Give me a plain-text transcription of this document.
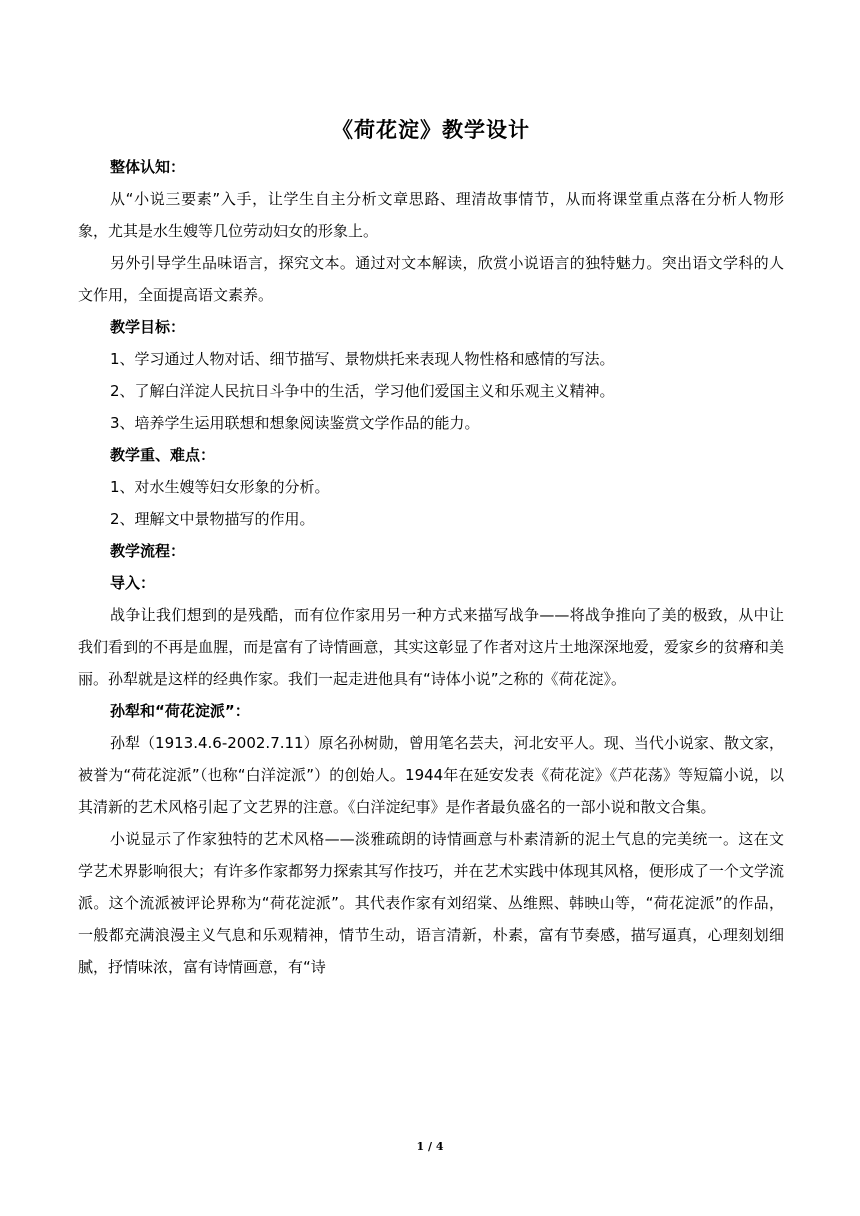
《荷花淀》教学设计

整体认知：

从“小说三要素”入手，让学生自主分析文章思路、理清故事情节，从而将课堂重点落在分析人物形象，尤其是水生嫂等几位劳动妇女的形象上。

另外引导学生品味语言，探究文本。通过对文本解读，欣赏小说语言的独特魅力。突出语文学科的人文作用，全面提高语文素养。

教学目标：

1、学习通过人物对话、细节描写、景物烘托来表现人物性格和感情的写法。

2、了解白洋淀人民抗日斗争中的生活，学习他们爱国主义和乐观主义精神。

3、培养学生运用联想和想象阅读鉴赏文学作品的能力。

教学重、难点：

1、对水生嫂等妇女形象的分析。

2、理解文中景物描写的作用。

教学流程：

导入：

战争让我们想到的是残酷，而有位作家用另一种方式来描写战争——将战争推向了美的极致，从中让我们看到的不再是血腥，而是富有了诗情画意，其实这彰显了作者对这片土地深深地爱，爱家乡的贫瘠和美丽。孙犁就是这样的经典作家。我们一起走进他具有“诗体小说”之称的《荷花淀》。

孙犁和“荷花淀派”：

孙犁（1913.4.6-2002.7.11）原名孙树勋，曾用笔名芸夫，河北安平人。现、当代小说家、散文家，被誉为“荷花淀派”（也称“白洋淀派”）的创始人。1944年在延安发表《荷花淀》《芦花荡》等短篇小说，以其清新的艺术风格引起了文艺界的注意。《白洋淀纪事》是作者最负盛名的一部小说和散文合集。

小说显示了作家独特的艺术风格——淡雅疏朗的诗情画意与朴素清新的泥土气息的完美统一。这在文学艺术界影响很大；有许多作家都努力探索其写作技巧，并在艺术实践中体现其风格，便形成了一个文学流派。这个流派被评论界称为“荷花淀派”。其代表作家有刘绍棠、丛维熙、韩映山等，“荷花淀派”的作品，一般都充满浪漫主义气息和乐观精神，情节生动，语言清新，朴素，富有节奏感，描写逼真，心理刻划细腻，抒情味浓，富有诗情画意，有“诗

1 / 4
